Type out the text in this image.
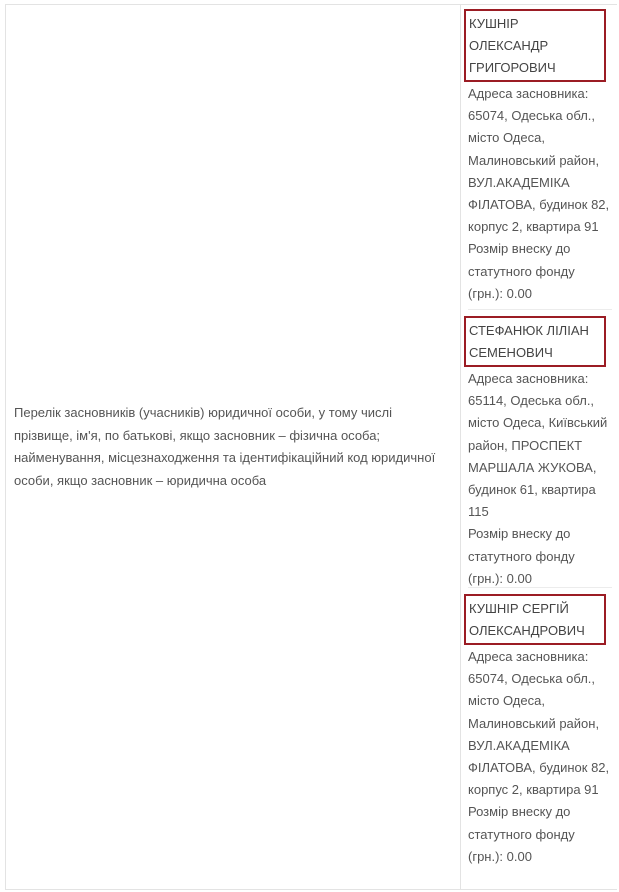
Перелік засновників (учасників) юридичної особи, у тому числі прізвище, ім'я, по батькові, якщо засновник – фізична особа; найменування, місцезнаходження та ідентифікаційний код юридичної особи, якщо засновник – юридична особа
КУШНІР ОЛЕКСАНДР ГРИГОРОВИЧ
Адреса засновника: 65074, Одеська обл., місто Одеса, Малиновський район, ВУЛ.АКАДЕМІКА ФІЛАТОВА, будинок 82, корпус 2, квартира 91
Розмір внеску до статутного фонду (грн.): 0.00
СТЕФАНЮК ЛІЛІАН СЕМЕНОВИЧ
Адреса засновника: 65114, Одеська обл., місто Одеса, Київський район, ПРОСПЕКТ МАРШАЛА ЖУКОВА, будинок 61, квартира 115
Розмір внеску до статутного фонду (грн.): 0.00
КУШНІР СЕРГІЙ ОЛЕКСАНДРОВИЧ
Адреса засновника: 65074, Одеська обл., місто Одеса, Малиновський район, ВУЛ.АКАДЕМІКА ФІЛАТОВА, будинок 82, корпус 2, квартира 91
Розмір внеску до статутного фонду (грн.): 0.00
